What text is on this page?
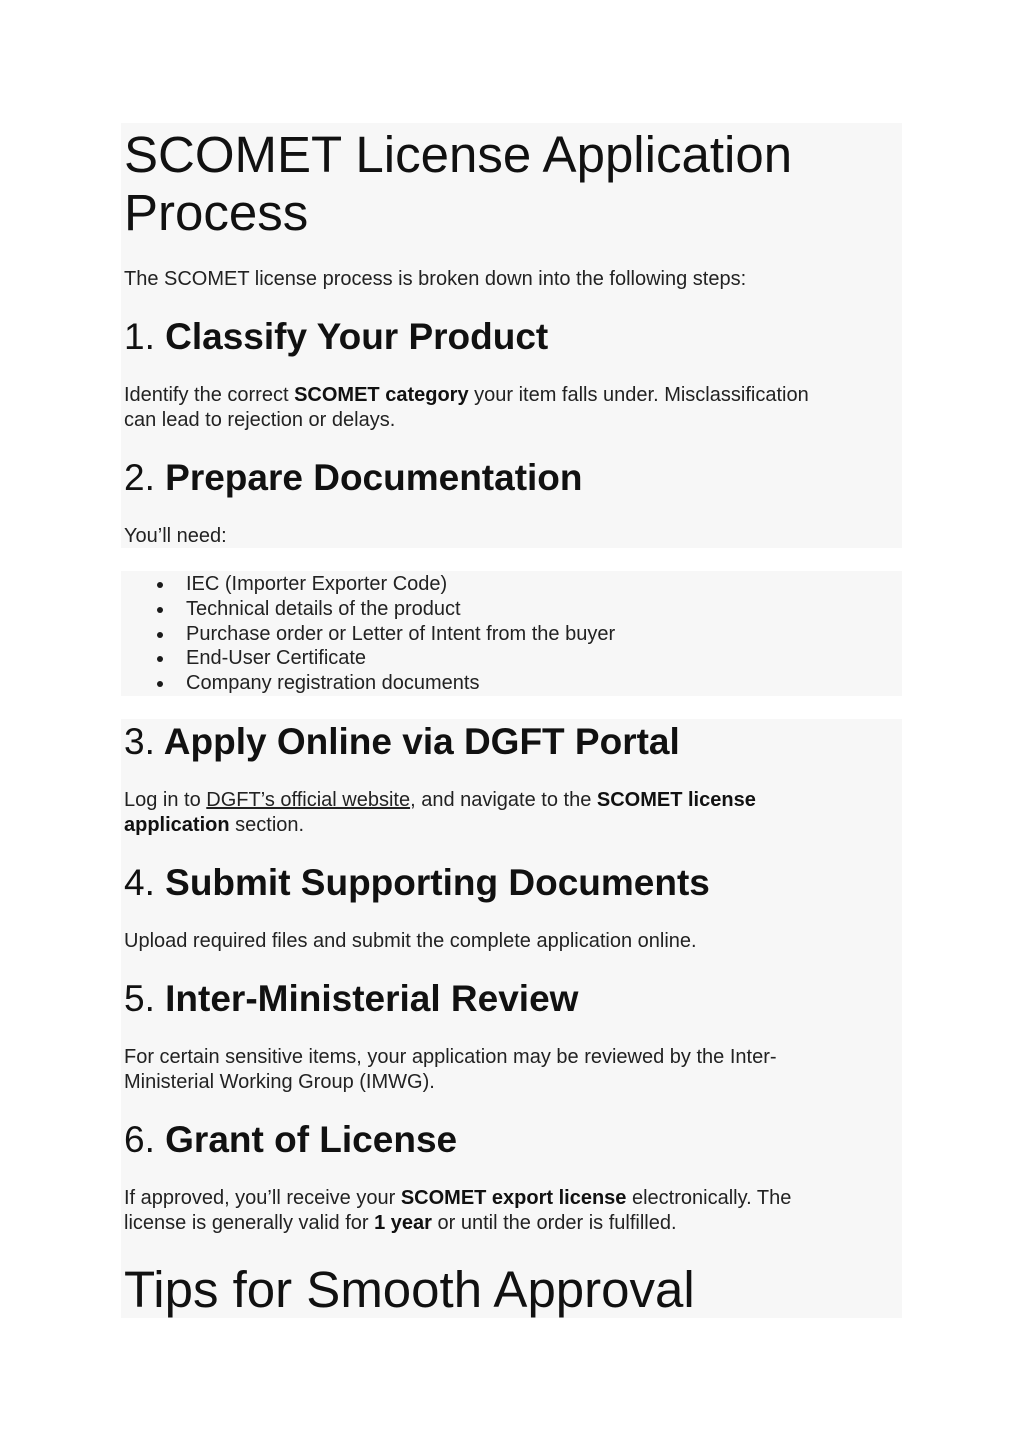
SCOMET License Application
Process

The SCOMET license process is broken down into the following steps:

1. Classify Your Product

Identify the correct SCOMET category your item falls under. Misclassification

can lead to rejection or delays.

2. Prepare Documentation

You’ll need:

IEC (Importer Exporter Code)
Technical details of the product
Purchase order or Letter of Intent from the buyer
End-User Certificate
Company registration documents
3. Apply Online via DGFT Portal

Log in to DGFT’s official website, and navigate to the SCOMET license

application section.

4. Submit Supporting Documents

Upload required files and submit the complete application online.

5. Inter-Ministerial Review

For certain sensitive items, your application may be reviewed by the Inter-

Ministerial Working Group (IMWG).

6. Grant of License

If approved, you’ll receive your SCOMET export license electronically. The

license is generally valid for 1 year or until the order is fulfilled.

Tips for Smooth Approval
